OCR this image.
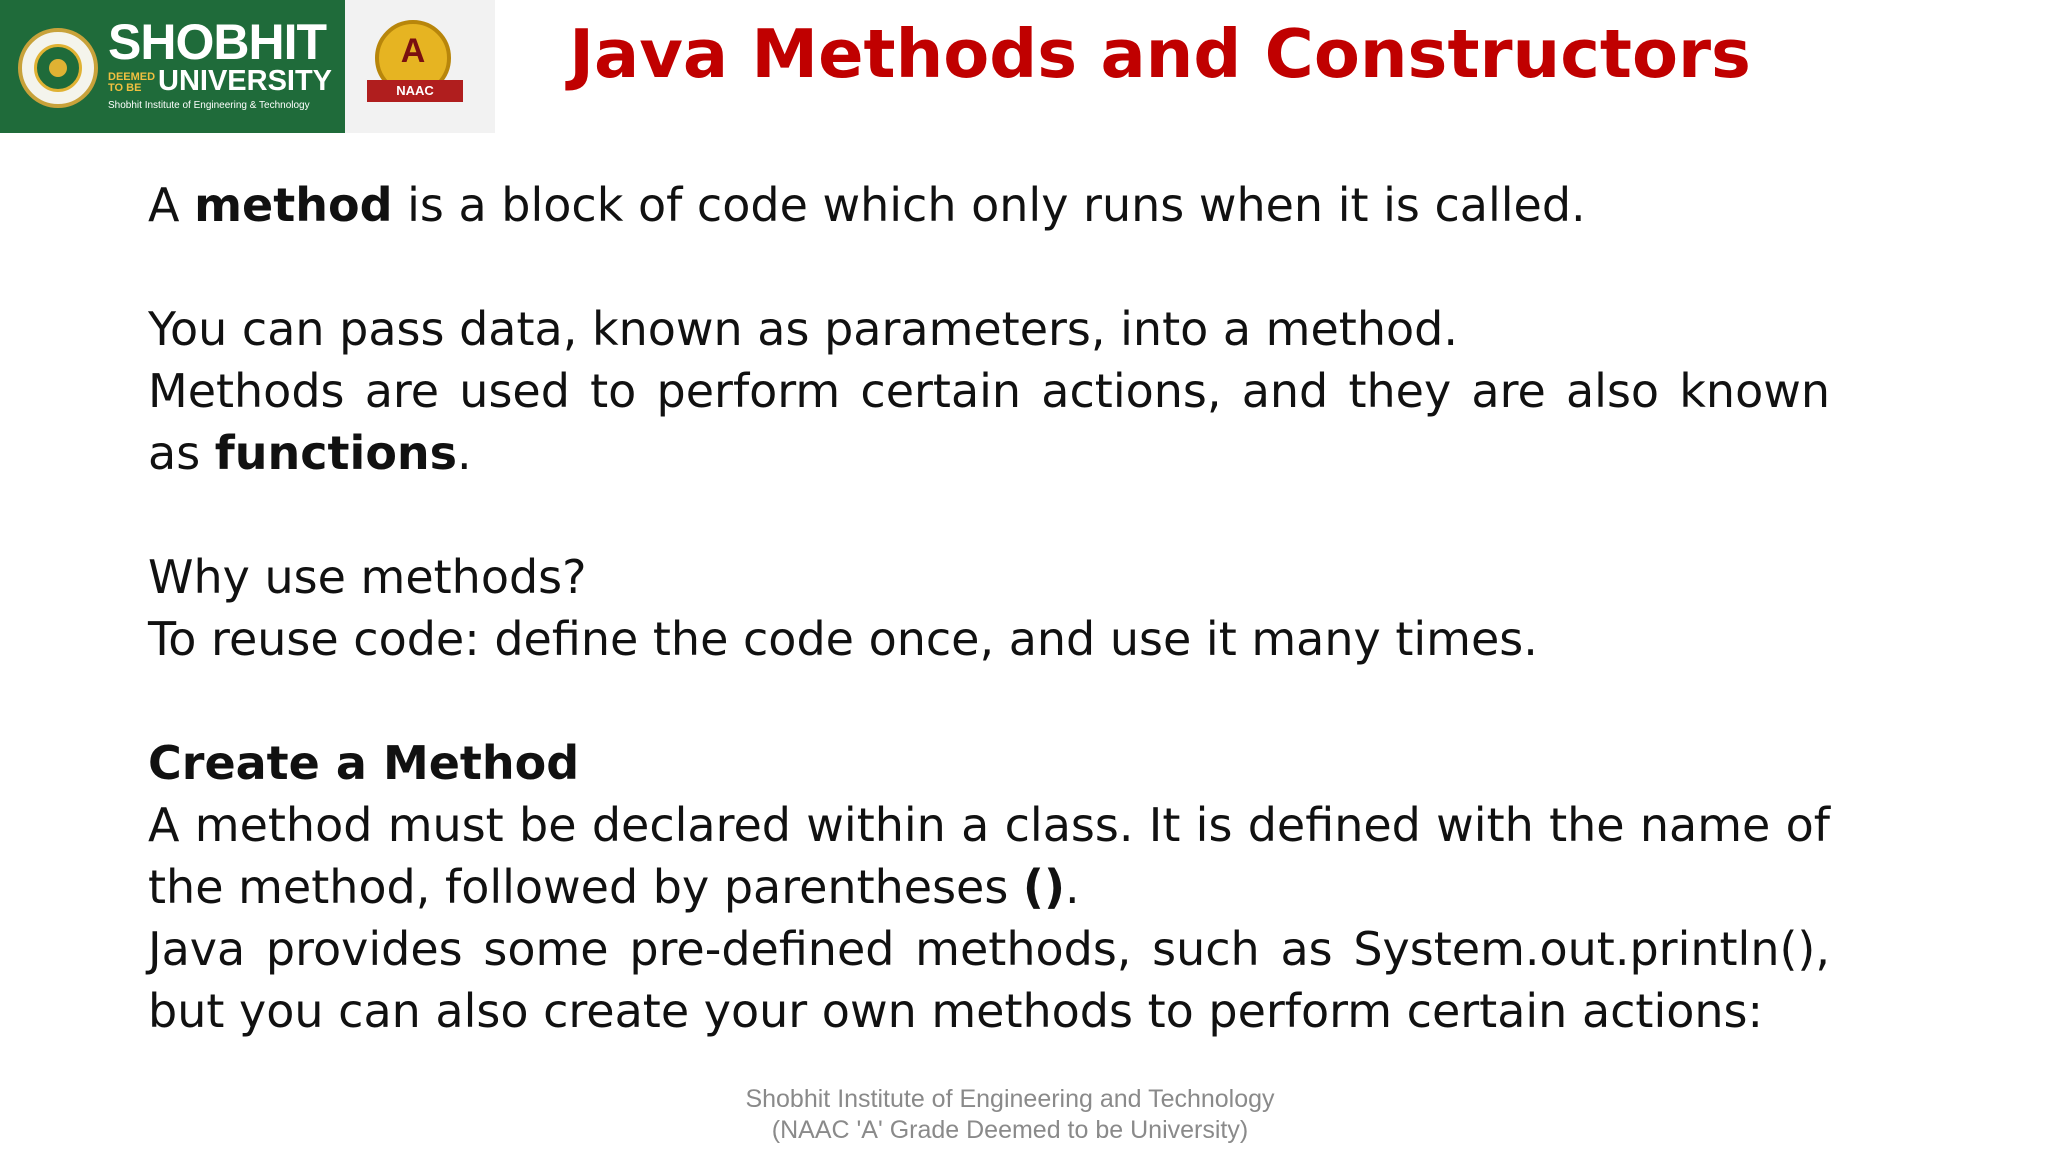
SHOBHIT
DEEMED TO BE UNIVERSITY
Shobhit Institute of Engineering & Technology
A
NAAC	Java Methods and Constructors

A method is a block of code which only runs when it is called.

You can pass data, known as parameters, into a method.

Methods are used to perform certain actions, and they are also known as functions.

Why use methods?

To reuse code: define the code once, and use it many times.

Create a Method

A method must be declared within a class. It is defined with the name of the method, followed by parentheses ().

Java provides some pre-defined methods, such as System.out.println(), but you can also create your own methods to perform certain actions:

Shobhit Institute of Engineering and Technology
(NAAC 'A' Grade Deemed to be University)
